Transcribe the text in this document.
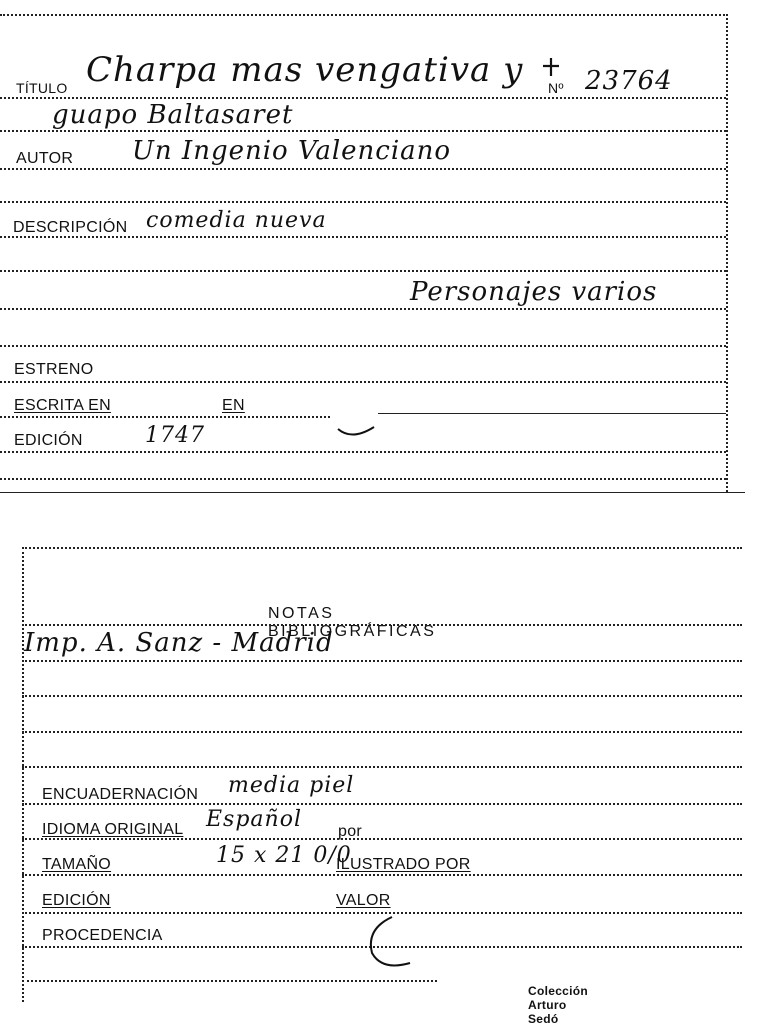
TÍTULO Charpa mas vengativa y Nº 23764
guapo Baltasaret
AUTOR Un Ingenio Valenciano
DESCRIPCIÓN comedia nueva
Personajes varios
ESTRENO
ESCRITA EN	EN
EDICIÓN	1747
NOTAS BIBLIOGRÁFICAS
Imp. A. Sanz - Madrid
ENCUADERNACIÓN media piel
IDIOMA ORIGINAL Español por
TAMAÑO	15 x 21 0/0
ILUSTRADO POR
EDICIÓN	VALOR
PROCEDENCIA
Colección Arturo Sedó
